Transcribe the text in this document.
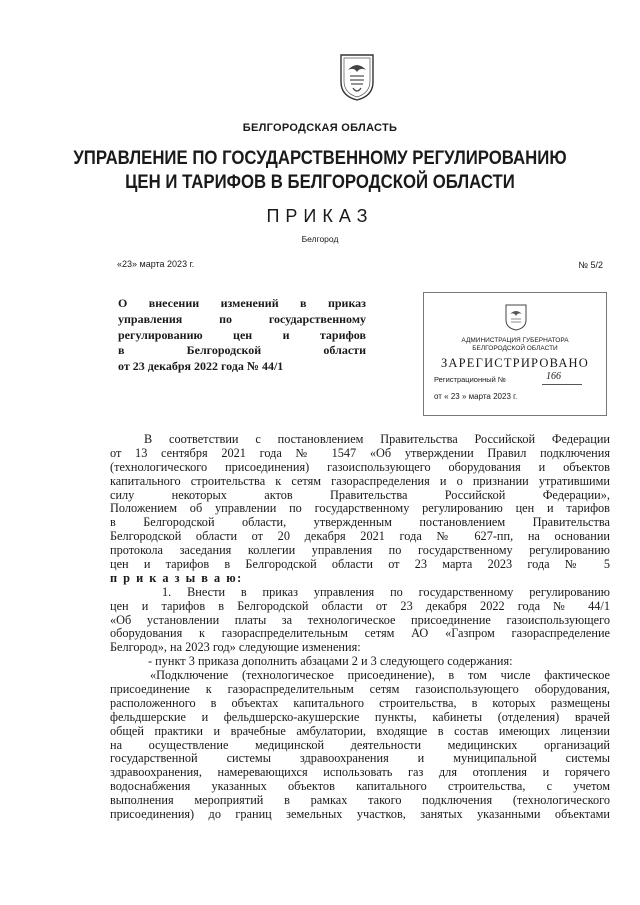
БЕЛГОРОДСКАЯ ОБЛАСТЬ
УПРАВЛЕНИЕ ПО ГОСУДАРСТВЕННОМУ РЕГУЛИРОВАНИЮ
ЦЕН И ТАРИФОВ В БЕЛГОРОДСКОЙ ОБЛАСТИ
ПРИКАЗ
Белгород
«23» марта 2023 г.	№ 5/2
О внесении изменений в приказ
управления по государственному
регулированию цен и тарифов
в Белгородской области
от 23 декабря 2022 года № 44/1
АДМИНИСТРАЦИЯ ГУБЕРНАТОРА
БЕЛГОРОДСКОЙ ОБЛАСТИ
ЗАРЕГИСТРИРОВАНО
Регистрационный №	166
от « 23 » марта 2023 г.
В соответствии с постановлением Правительства Российской Федерации
от 13 сентября 2021 года № 1547 «Об утверждении Правил подключения
(технологического присоединения) газоиспользующего оборудования и объектов
капитального строительства к сетям газораспределения и о признании утратившими
силу некоторых актов Правительства Российской Федерации»,
Положением об управлении по государственному регулированию цен и тарифов
в Белгородской области, утвержденным постановлением Правительства
Белгородской области от 20 декабря 2021 года № 627-пп, на основании
протокола заседания коллегии управления по государственному регулированию
цен и тарифов в Белгородской области от 23 марта 2023 года № 5
п р и к а з ы в а ю:
1. Внести в приказ управления по государственному регулированию
цен и тарифов в Белгородской области от 23 декабря 2022 года № 44/1
«Об установлении платы за технологическое присоединение газоиспользующего
оборудования к газораспределительным сетям АО «Газпром газораспределение
Белгород», на 2023 год» следующие изменения:
- пункт 3 приказа дополнить абзацами 2 и 3 следующего содержания:
«Подключение (технологическое присоединение), в том числе фактическое
присоединение к газораспределительным сетям газоиспользующего оборудования,
расположенного в объектах капитального строительства, в которых размещены
фельдшерские и фельдшерско-акушерские пункты, кабинеты (отделения) врачей
общей практики и врачебные амбулатории, входящие в состав имеющих лицензии
на осуществление медицинской деятельности медицинских организаций
государственной системы здравоохранения и муниципальной системы
здравоохранения, намеревающихся использовать газ для отопления и горячего
водоснабжения указанных объектов капитального строительства, с учетом
выполнения мероприятий в рамках такого подключения (технологического
присоединения) до границ земельных участков, занятых указанными объектами
